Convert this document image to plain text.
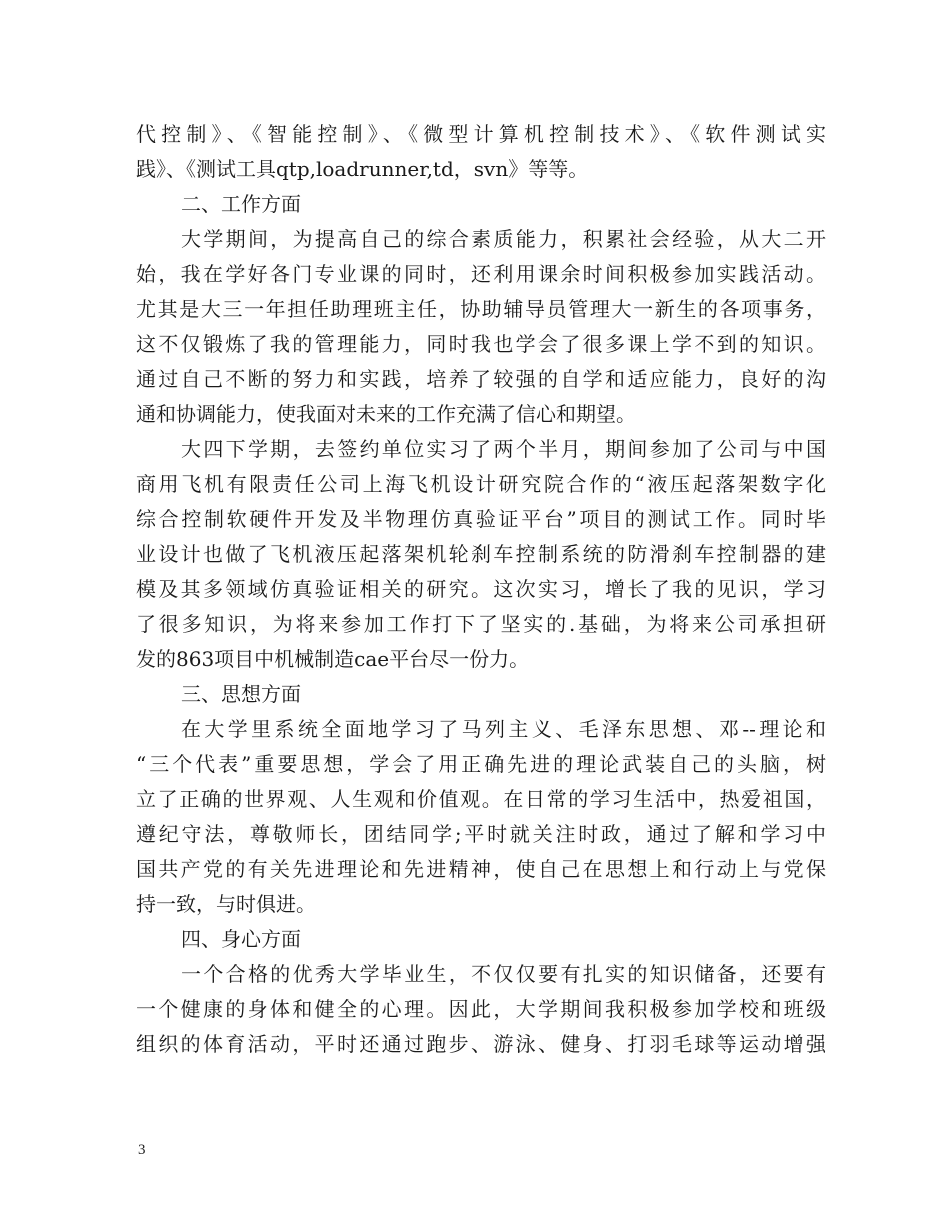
代控制》、《智能控制》、《微型计算机控制技术》、《软件测试实

践》、《测试工具qtp,loadrunner,td，svn》等等。

二、工作方面

大学期间，为提高自己的综合素质能力，积累社会经验，从大二开

始，我在学好各门专业课的同时，还利用课余时间积极参加实践活动。

尤其是大三一年担任助理班主任，协助辅导员管理大一新生的各项事务，

这不仅锻炼了我的管理能力，同时我也学会了很多课上学不到的知识。

通过自己不断的努力和实践，培养了较强的自学和适应能力，良好的沟

通和协调能力，使我面对未来的工作充满了信心和期望。

大四下学期，去签约单位实习了两个半月，期间参加了公司与中国

商用飞机有限责任公司上海飞机设计研究院合作的“液压起落架数字化

综合控制软硬件开发及半物理仿真验证平台”项目的测试工作。同时毕

业设计也做了飞机液压起落架机轮刹车控制系统的防滑刹车控制器的建

模及其多领域仿真验证相关的研究。这次实习，增长了我的见识，学习

了很多知识，为将来参加工作打下了坚实的.基础，为将来公司承担研

发的863项目中机械制造cae平台尽一份力。

三、思想方面

在大学里系统全面地学习了马列主义、毛泽东思想、邓--理论和

“三个代表”重要思想，学会了用正确先进的理论武装自己的头脑，树

立了正确的世界观、人生观和价值观。在日常的学习生活中，热爱祖国，

遵纪守法，尊敬师长，团结同学;平时就关注时政，通过了解和学习中

国共产党的有关先进理论和先进精神，使自己在思想上和行动上与党保

持一致，与时俱进。

四、身心方面

一个合格的优秀大学毕业生，不仅仅要有扎实的知识储备，还要有

一个健康的身体和健全的心理。因此，大学期间我积极参加学校和班级

组织的体育活动，平时还通过跑步、游泳、健身、打羽毛球等运动增强

3
